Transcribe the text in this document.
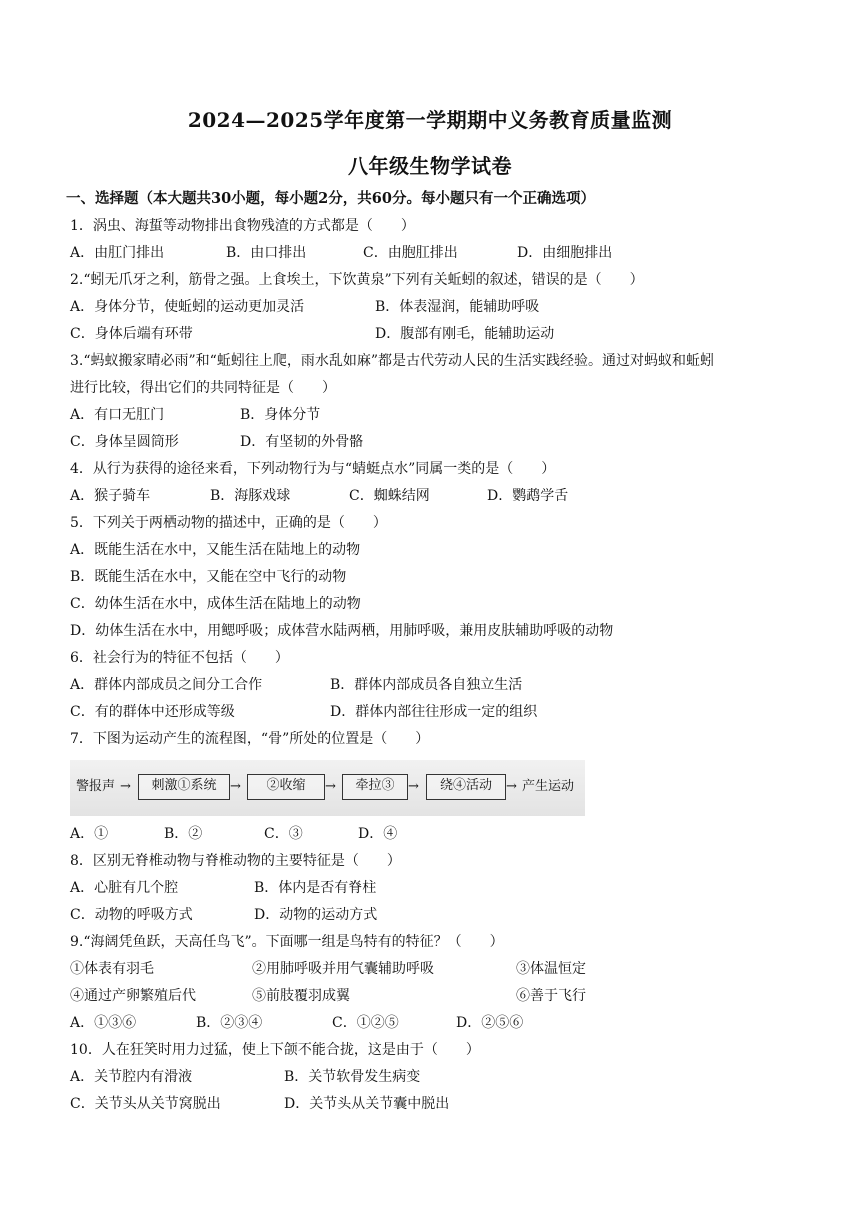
2024—2025学年度第一学期期中义务教育质量监测
八年级生物学试卷
一、选择题（本大题共30小题，每小题2分，共60分。每小题只有一个正确选项）
1．涡虫、海蜇等动物排出食物残渣的方式都是（　　）
A．由肛门排出	B．由口排出	C．由胞肛排出	D．由细胞排出
2.“蚓无爪牙之利，筋骨之强。上食埃土，下饮黄泉”下列有关蚯蚓的叙述，错误的是（　　）
A．身体分节，使蚯蚓的运动更加灵活	B．体表湿润，能辅助呼吸
C．身体后端有环带	D．腹部有刚毛，能辅助运动
3.“蚂蚁搬家晴必雨”和“蚯蚓往上爬，雨水乱如麻”都是古代劳动人民的生活实践经验。通过对蚂蚁和蚯蚓
进行比较，得出它们的共同特征是（　　）
A．有口无肛门	B．身体分节
C．身体呈圆筒形	D．有坚韧的外骨骼
4．从行为获得的途径来看，下列动物行为与“蜻蜓点水”同属一类的是（　　）
A．猴子骑车	B．海豚戏球	C．蜘蛛结网	D．鹦鹉学舌
5．下列关于两栖动物的描述中，正确的是（　　）
A．既能生活在水中，又能生活在陆地上的动物
B．既能生活在水中，又能在空中飞行的动物
C．幼体生活在水中，成体生活在陆地上的动物
D．幼体生活在水中，用鳃呼吸；成体营水陆两栖，用肺呼吸，兼用皮肤辅助呼吸的动物
6．社会行为的特征不包括（　　）
A．群体内部成员之间分工合作	B．群体内部成员各自独立生活
C．有的群体中还形成等级	D．群体内部往往形成一定的组织
7．下图为运动产生的流程图，“骨”所处的位置是（　　）
警报声 →	刺激①系统	→	②收缩	→	牵拉③	→	绕④活动	→ 产生运动
A．①	B．②	C．③	D．④
8．区别无脊椎动物与脊椎动物的主要特征是（　　）
A．心脏有几个腔	B．体内是否有脊柱
C．动物的呼吸方式	D．动物的运动方式
9.“海阔凭鱼跃，天高任鸟飞”。下面哪一组是鸟特有的特征？（　　）
①体表有羽毛	②用肺呼吸并用气囊辅助呼吸	③体温恒定
④通过产卵繁殖后代	⑤前肢覆羽成翼	⑥善于飞行
A．①③⑥	B．②③④	C．①②⑤	D．②⑤⑥
10．人在狂笑时用力过猛，使上下颌不能合拢，这是由于（　　）
A．关节腔内有滑液	B．关节软骨发生病变
C．关节头从关节窝脱出	D．关节头从关节囊中脱出
